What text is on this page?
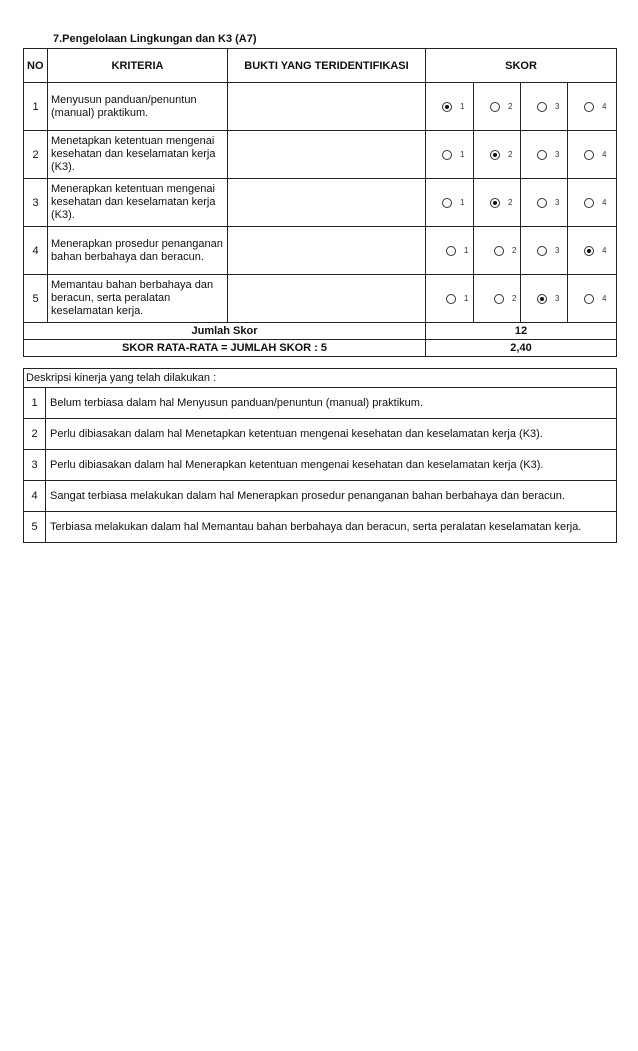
7.Pengelolaan Lingkungan dan K3 (A7)
NO	KRITERIA	BUKTI YANG TERIDENTIFIKASI	SKOR			
1	Menyusun panduan/penuntun (manual) praktikum.		1	2	3	4

2	Menetapkan ketentuan mengenai kesehatan dan keselamatan kerja (K3).		1	2	3	4

3	Menerapkan ketentuan mengenai kesehatan dan keselamatan kerja (K3).		1	2	3	4

4	Menerapkan prosedur penanganan bahan berbahaya dan beracun.		1	2	3	4

5	Memantau bahan berbahaya dan beracun, serta peralatan keselamatan kerja.		1	2	3	4

Jumlah Skor			12			
SKOR RATA-RATA = JUMLAH SKOR : 5			2,40			
Deskripsi kinerja yang telah dilakukan :	
1	Belum terbiasa dalam hal Menyusun panduan/penuntun (manual) praktikum.
2	Perlu dibiasakan dalam hal Menetapkan ketentuan mengenai kesehatan dan keselamatan kerja (K3).
3	Perlu dibiasakan dalam hal Menerapkan ketentuan mengenai kesehatan dan keselamatan kerja (K3).
4	Sangat terbiasa melakukan dalam hal Menerapkan prosedur penanganan bahan berbahaya dan beracun.
5	Terbiasa melakukan dalam hal Memantau bahan berbahaya dan beracun, serta peralatan keselamatan kerja.
